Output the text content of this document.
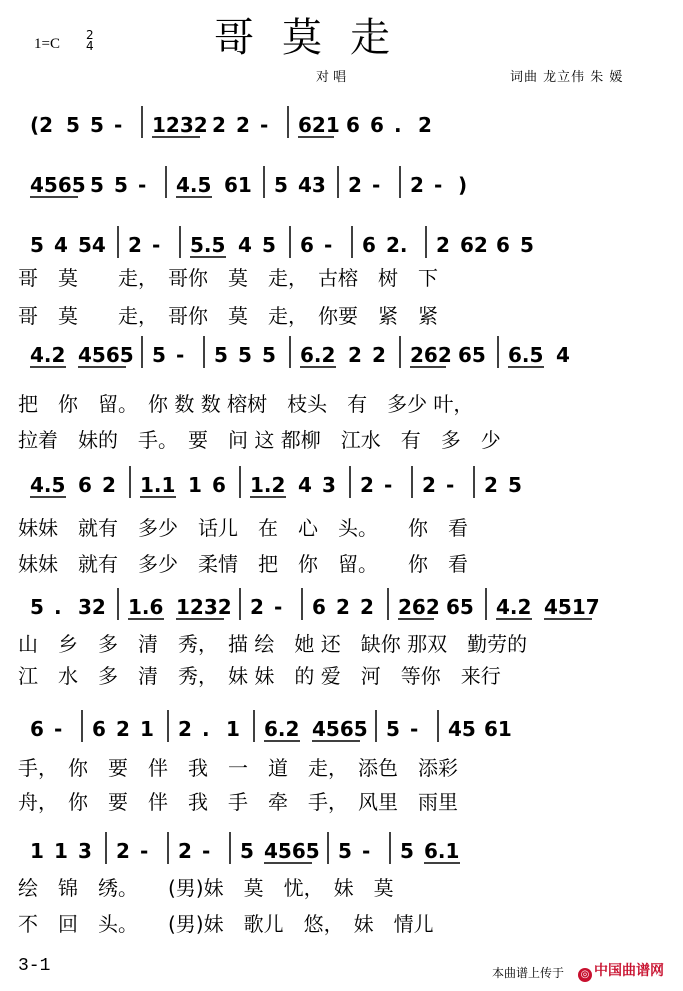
哥莫走
1=C
2
4
对 唱	词曲 龙立伟 朱 媛
(2 5 5 - 1232 2 2 - 621 6 6 . 2
4565 5 5 - 4.5 61 5 43 2 - 2 - )
5 4 54 2 - 5.5 4 5 6 - 6 2. 2 62 6 5
4.2 4565 5 - 5 5 5 6.2 2 2 262 65 6.5 4
4.5 6 2 1.1 1 6 1.2 4 3 2 - 2 - 2 5
5 . 32 1.6 1232 2 - 6 2 2 262 65 4.2 4517
6 - 6 2 1 2 . 1 6.2 4565 5 - 45 61
1 1 3 2 - 2 - 5 4565 5 - 5 6.1
哥　莫　　走，　哥你　莫　走，　古榕　树　下
哥　莫　　走，　哥你　莫　走，　你要　紧　紧
把　你　留。　你 数 数 榕树　枝头　有　多少 叶，
拉着　妹的　手。　要　问 这 都柳　江水　有　多　少
妹妹　就有　多少　话儿　在　心　头。　　你　看
妹妹　就有　多少　柔情　把　你　留。　　你　看
山　乡　多　清　秀，　描 绘　她 还　缺你 那双　勤劳的
江　水　多　清　秀，　妹 妹　的 爱　河　等你　来行
手，　你　要　伴　我　一　道　走，　添色　添彩
舟，　你　要　伴　我　手　牵　手，　风里　雨里
绘　锦　绣。　　(男)妹　莫　忧，　妹　莫
不　回　头。　　(男)妹　歌儿　悠，　妹　情儿
3-1	本曲谱上传于 ◎ 中国曲谱网
